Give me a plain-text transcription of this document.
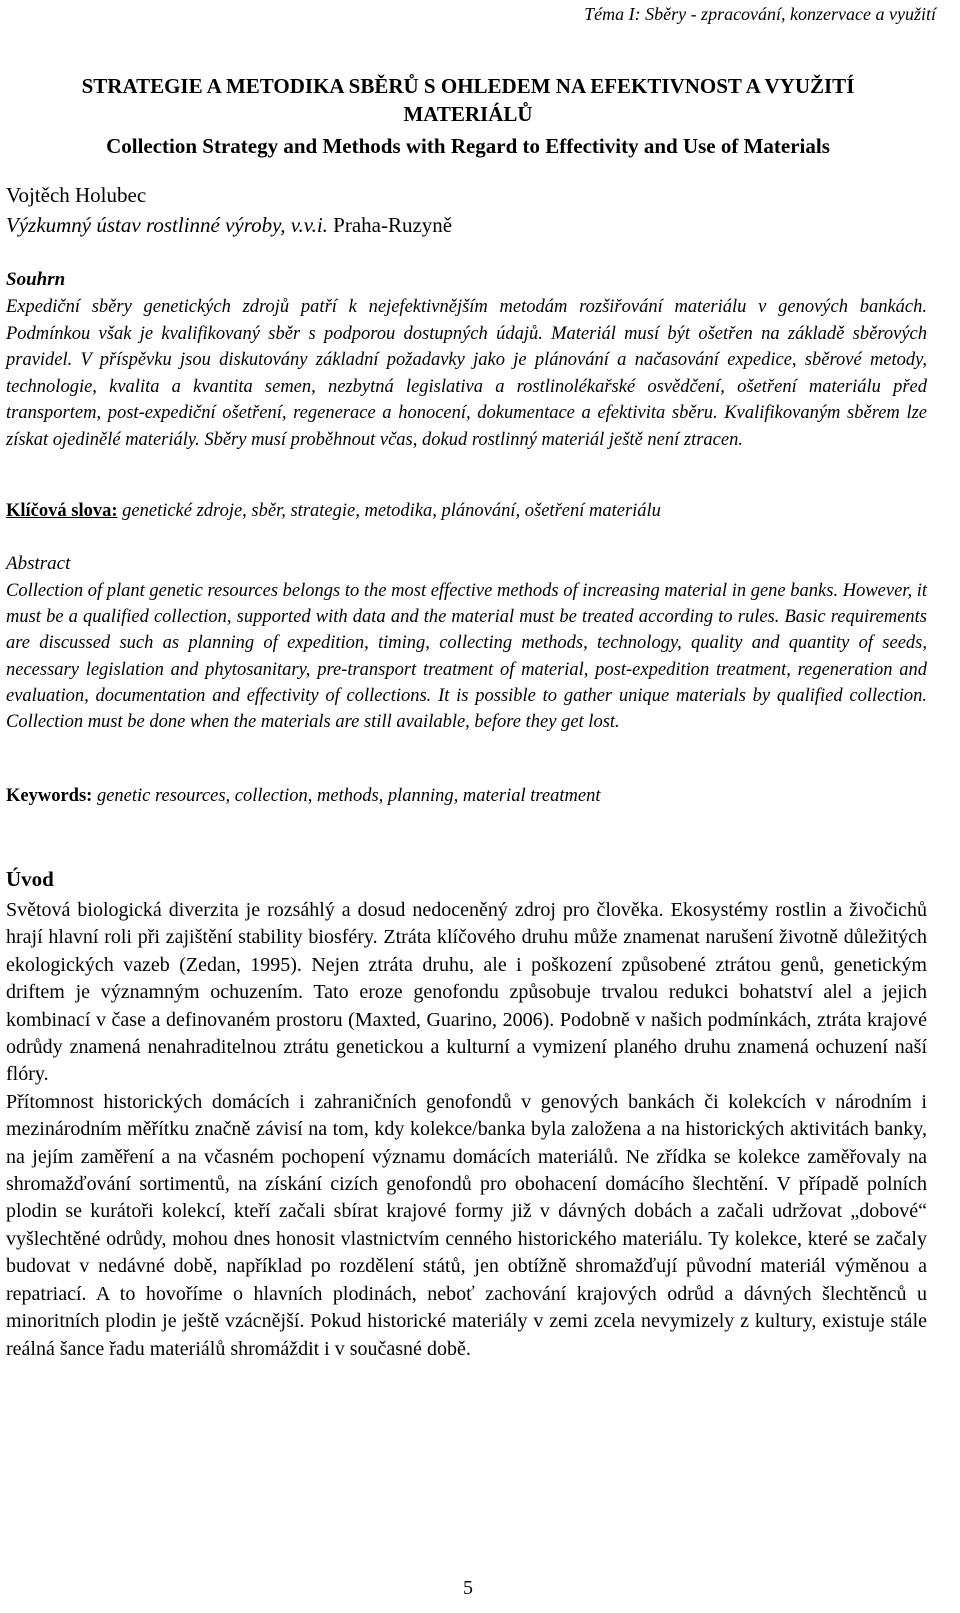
Téma I: Sběry - zpracování, konzervace a využití
STRATEGIE A METODIKA SBĚRŮ S OHLEDEM NA EFEKTIVNOST A VYUŽITÍ
MATERIÁLŮ
Collection Strategy and Methods with Regard to Effectivity and Use of Materials
Vojtěch Holubec
Výzkumný ústav rostlinné výroby, v.v.i. Praha-Ruzyně
Souhrn
Expediční sběry genetických zdrojů patří k nejefektivnějším metodám rozšiřování materiálu v genových bankách. Podmínkou však je kvalifikovaný sběr s podporou dostupných údajů. Materiál musí být ošetřen na základě sběrových pravidel. V příspěvku jsou diskutovány základní požadavky jako je plánování a načasování expedice, sběrové metody, technologie, kvalita a kvantita semen, nezbytná legislativa a rostlinolékařské osvědčení, ošetření materiálu před transportem, post-expediční ošetření, regenerace a honocení, dokumentace a efektivita sběru. Kvalifikovaným sběrem lze získat ojedinělé materiály. Sběry musí proběhnout včas, dokud rostlinný materiál ještě není ztracen.
Klíčová slova: genetické zdroje, sběr, strategie, metodika, plánování, ošetření materiálu
Abstract
Collection of plant genetic resources belongs to the most effective methods of increasing material in gene banks. However, it must be a qualified collection, supported with data and the material must be treated according to rules. Basic requirements are discussed such as planning of expedition, timing, collecting methods, technology, quality and quantity of seeds, necessary legislation and phytosanitary, pre-transport treatment of material, post-expedition treatment, regeneration and evaluation, documentation and effectivity of collections. It is possible to gather unique materials by qualified collection. Collection must be done when the materials are still available, before they get lost.
Keywords: genetic resources, collection, methods, planning, material treatment
Úvod

Světová biologická diverzita je rozsáhlý a dosud nedoceněný zdroj pro člověka. Ekosystémy rostlin a živočichů hrají hlavní roli při zajištění stability biosféry. Ztráta klíčového druhu může znamenat narušení životně důležitých ekologických vazeb (Zedan, 1995). Nejen ztráta druhu, ale i poškození způsobené ztrátou genů, genetickým driftem je významným ochuzením. Tato eroze genofondu způsobuje trvalou redukci bohatství alel a jejich kombinací v čase a definovaném prostoru (Maxted, Guarino, 2006). Podobně v našich podmínkách, ztráta krajové odrůdy znamená nenahraditelnou ztrátu genetickou a kulturní a vymizení planého druhu znamená ochuzení naší flóry.

Přítomnost historických domácích i zahraničních genofondů v genových bankách či kolekcích v národním i mezinárodním měřítku značně závisí na tom, kdy kolekce/banka byla založena a na historických aktivitách banky, na jejím zaměření a na včasném pochopení významu domácích materiálů. Ne zřídka se kolekce zaměřovaly na shromažďování sortimentů, na získání cizích genofondů pro obohacení domácího šlechtění. V případě polních plodin se kurátoři kolekcí, kteří začali sbírat krajové formy již v dávných dobách a začali udržovat „dobové“ vyšlechtěné odrůdy, mohou dnes honosit vlastnictvím cenného historického materiálu. Ty kolekce, které se začaly budovat v nedávné době, například po rozdělení států, jen obtížně shromažďují původní materiál výměnou a repatriací. A to hovoříme o hlavních plodinách, neboť zachování krajových odrůd a dávných šlechtěnců u minoritních plodin je ještě vzácnější. Pokud historické materiály v zemi zcela nevymizely z kultury, existuje stále reálná šance řadu materiálů shromáždit i v současné době.

5
